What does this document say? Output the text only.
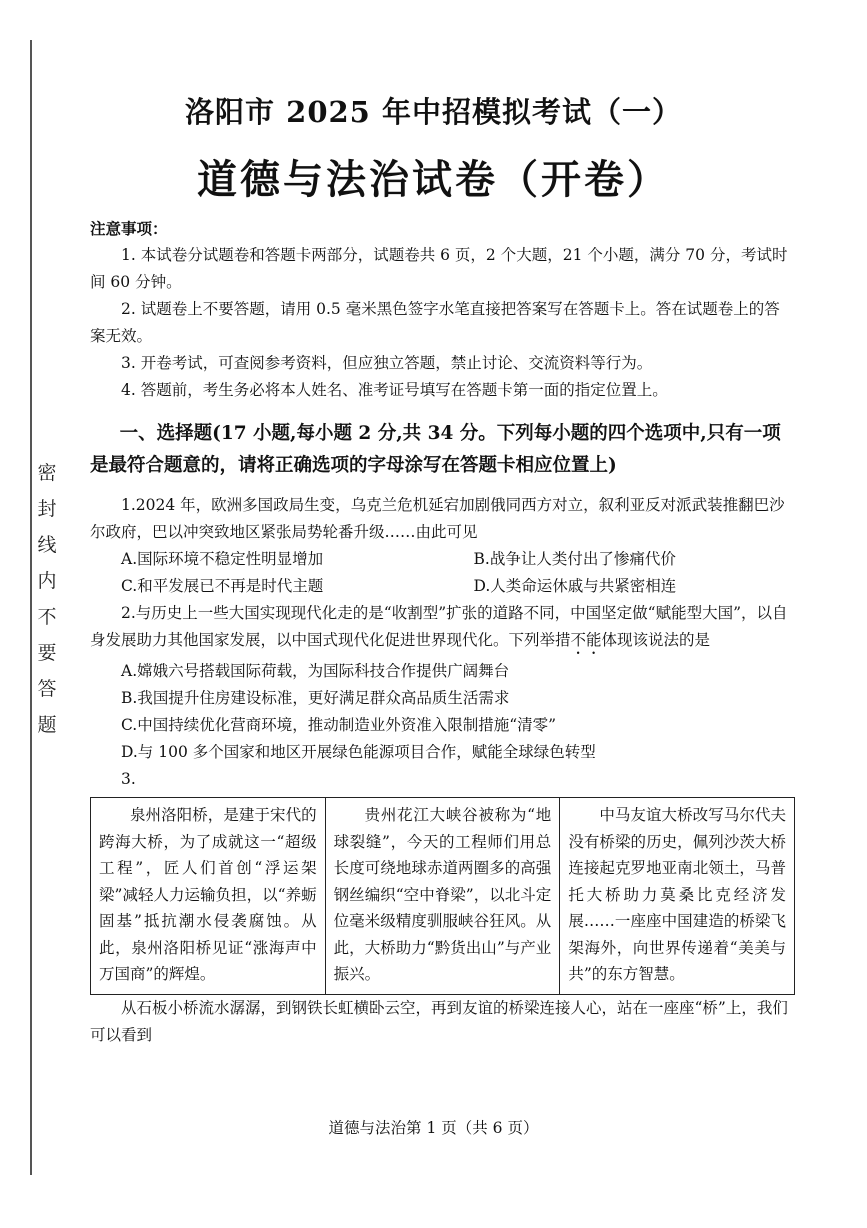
密封线内不要答题
洛阳市 2025 年中招模拟考试（一）
道德与法治试卷（开卷）
注意事项：

1. 本试卷分试题卷和答题卡两部分，试题卷共 6 页，2 个大题，21 个小题，满分 70 分，考试时间 60 分钟。

2. 试题卷上不要答题，请用 0.5 毫米黑色签字水笔直接把答案写在答题卡上。答在试题卷上的答案无效。

3. 开卷考试，可查阅参考资料，但应独立答题，禁止讨论、交流资料等行为。

4. 答题前，考生务必将本人姓名、准考证号填写在答题卡第一面的指定位置上。

一、选择题(17 小题,每小题 2 分,共 34 分。下列每小题的四个选项中,只有一项是最符合题意的，请将正确选项的字母涂写在答题卡相应位置上)

1.2024 年，欧洲多国政局生变，乌克兰危机延宕加剧俄同西方对立，叙利亚反对派武装推翻巴沙尔政府，巴以冲突致地区紧张局势轮番升级……由此可见

A.国际环境不稳定性明显增加	B.战争让人类付出了惨痛代价
C.和平发展已不再是时代主题	D.人类命运休戚与共紧密相连

2.与历史上一些大国实现现代化走的是“收割型”扩张的道路不同，中国坚定做“赋能型大国”，以自身发展助力其他国家发展，以中国式现代化促进世界现代化。下列举措不能体现该说法的是

A.嫦娥六号搭载国际荷载，为国际科技合作提供广阔舞台
B.我国提升住房建设标准，更好满足群众高品质生活需求
C.中国持续优化营商环境，推动制造业外资准入限制措施“清零”
D.与 100 多个国家和地区开展绿色能源项目合作，赋能全球绿色转型
3.
泉州洛阳桥，是建于宋代的跨海大桥，为了成就这一“超级工程”，匠人们首创“浮运架梁”减轻人力运输负担，以“养蛎固基”抵抗潮水侵袭腐蚀。从此，泉州洛阳桥见证“涨海声中万国商”的辉煌。

贵州花江大峡谷被称为“地球裂缝”，今天的工程师们用总长度可绕地球赤道两圈多的高强钢丝编织“空中脊梁”，以北斗定位毫米级精度驯服峡谷狂风。从此，大桥助力“黔货出山”与产业振兴。

中马友谊大桥改写马尔代夫没有桥梁的历史，佩列沙茨大桥连接起克罗地亚南北领土，马普托大桥助力莫桑比克经济发展……一座座中国建造的桥梁飞架海外，向世界传递着“美美与共”的东方智慧。

从石板小桥流水潺潺，到钢铁长虹横卧云空，再到友谊的桥梁连接人心，站在一座座“桥”上，我们可以看到

道德与法治第 1 页（共 6 页）
